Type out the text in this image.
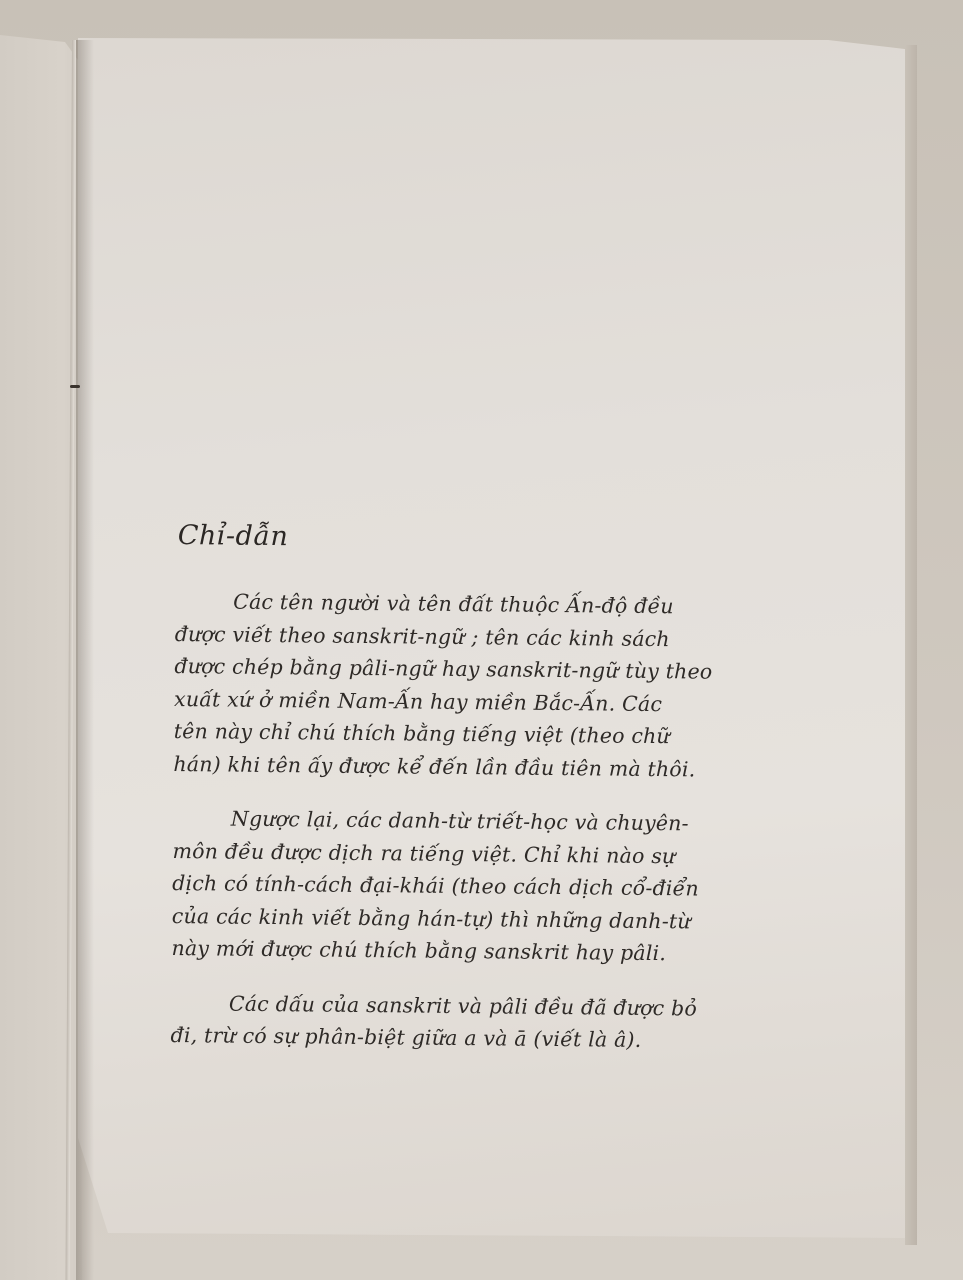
Chỉ-dẫn
Các tên người và tên đất thuộc Ấn-độ đều
được viết theo sanskrit-ngữ ; tên các kinh sách
được chép bằng pâli-ngữ hay sanskrit-ngữ tùy theo
xuất xứ ở miền Nam-Ấn hay miền Bắc-Ấn. Các
tên này chỉ chú thích bằng tiếng việt (theo chữ
hán) khi tên ấy được kể đến lần đầu tiên mà thôi.
Ngược lại, các danh-từ triết-học và chuyên-
môn đều được dịch ra tiếng việt. Chỉ khi nào sự
dịch có tính-cách đại-khái (theo cách dịch cổ-điển
của các kinh viết bằng hán-tự) thì những danh-từ
này mới được chú thích bằng sanskrit hay pâli.
Các dấu của sanskrit và pâli đều đã được bỏ
đi, trừ có sự phân-biệt giữa a và ā (viết là â).
